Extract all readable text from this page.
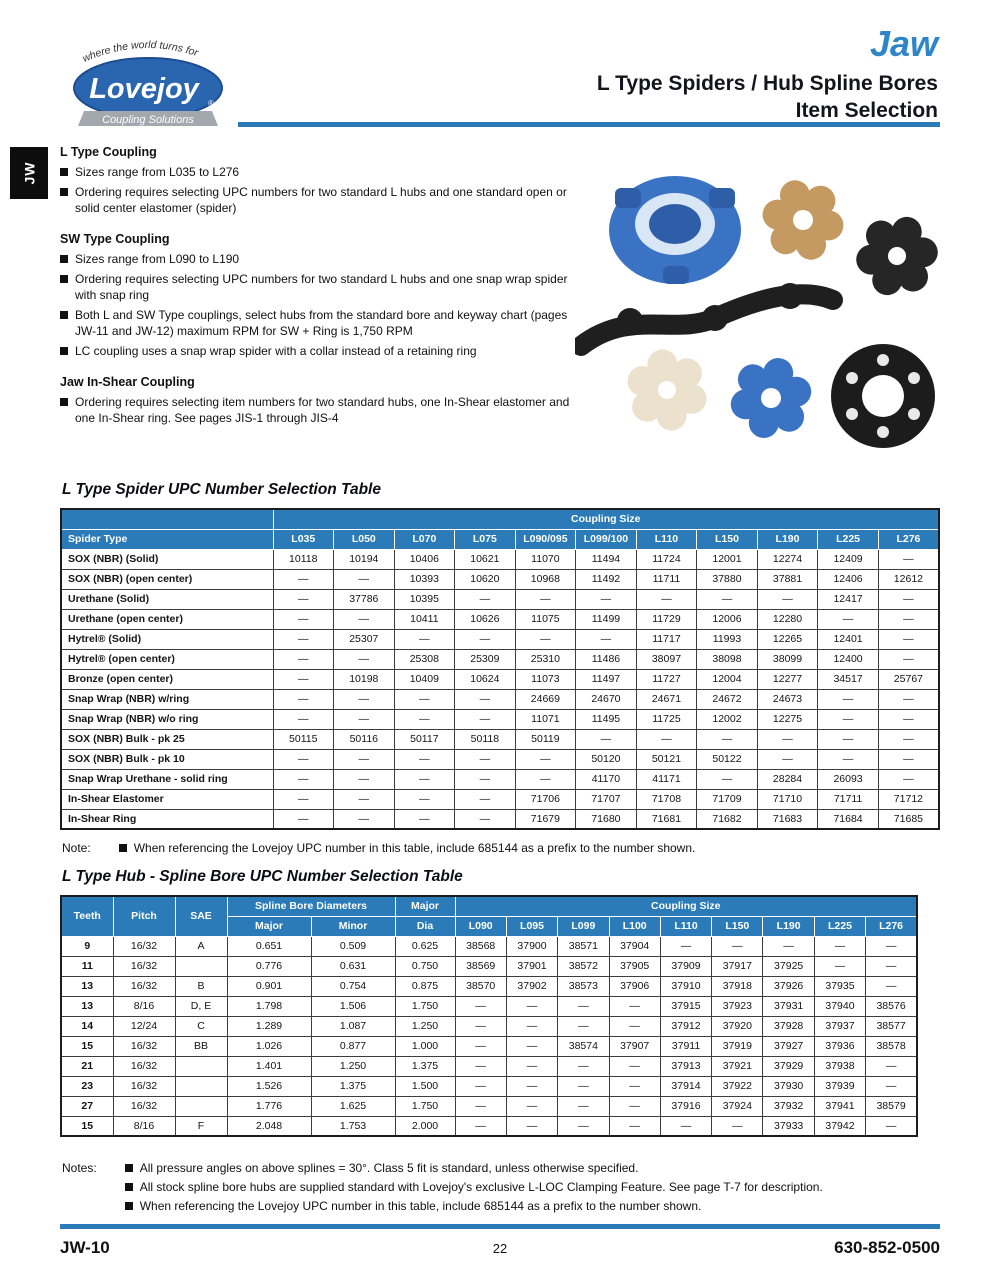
JW
where the world turns for
Lovejoy ®
Coupling Solutions
Jaw
L Type Spiders / Hub Spline Bores
Item Selection
L Type Coupling
Sizes range from L035 to L276
Ordering requires selecting UPC numbers for two standard L hubs and one standard open or solid center elastomer (spider)
SW Type Coupling
Sizes range from L090 to L190
Ordering requires selecting UPC numbers for two standard L hubs and one snap wrap spider with snap ring
Both L and SW Type couplings, select hubs from the standard bore and keyway chart (pages JW-11 and JW-12) maximum RPM for SW + Ring is 1,750 RPM
LC coupling uses a snap wrap spider with a collar instead of a retaining ring
Jaw In-Shear Coupling
Ordering requires selecting item numbers for two standard hubs, one In-Shear elastomer and one In-Shear ring. See pages JIS-1 through JIS-4
L Type Spider UPC Number Selection Table
	Coupling Size										
Spider Type	L035	L050	L070	L075	L090/095	L099/100	L110	L150	L190	L225	L276
SOX (NBR) (Solid)	10118	10194	10406	10621	11070	11494	11724	12001	12274	12409	—
SOX (NBR) (open center)	—	—	10393	10620	10968	11492	11711	37880	37881	12406	12612
Urethane (Solid)	—	37786	10395	—	—	—	—	—	—	12417	—
Urethane (open center)	—	—	10411	10626	11075	11499	11729	12006	12280	—	—
Hytrel® (Solid)	—	25307	—	—	—	—	11717	11993	12265	12401	—
Hytrel® (open center)	—	—	25308	25309	25310	11486	38097	38098	38099	12400	—
Bronze (open center)	—	10198	10409	10624	11073	11497	11727	12004	12277	34517	25767
Snap Wrap (NBR) w/ring	—	—	—	—	24669	24670	24671	24672	24673	—	—
Snap Wrap (NBR) w/o ring	—	—	—	—	11071	11495	11725	12002	12275	—	—
SOX (NBR) Bulk - pk 25	50115	50116	50117	50118	50119	—	—	—	—	—	—
SOX (NBR) Bulk - pk 10	—	—	—	—	—	50120	50121	50122	—	—	—
Snap Wrap Urethane - solid ring	—	—	—	—	—	41170	41171	—	28284	26093	—
In-Shear Elastomer	—	—	—	—	71706	71707	71708	71709	71710	71711	71712
In-Shear Ring	—	—	—	—	71679	71680	71681	71682	71683	71684	71685
Note:	When referencing the Lovejoy UPC number in this table, include 685144 as a prefix to the number shown.
L Type Hub - Spline Bore UPC Number Selection Table
Teeth	Pitch	SAE	Spline Bore Diameters		Major	Coupling Size								
			Major	Minor	Dia	L090	L095	L099	L100	L110	L150	L190	L225	L276
9	16/32	A	0.651	0.509	0.625	38568	37900	38571	37904	—	—	—	—	—
11	16/32		0.776	0.631	0.750	38569	37901	38572	37905	37909	37917	37925	—	—
13	16/32	B	0.901	0.754	0.875	38570	37902	38573	37906	37910	37918	37926	37935	—
13	8/16	D, E	1.798	1.506	1.750	—	—	—	—	37915	37923	37931	37940	38576
14	12/24	C	1.289	1.087	1.250	—	—	—	—	37912	37920	37928	37937	38577
15	16/32	BB	1.026	0.877	1.000	—	—	38574	37907	37911	37919	37927	37936	38578
21	16/32		1.401	1.250	1.375	—	—	—	—	37913	37921	37929	37938	—
23	16/32		1.526	1.375	1.500	—	—	—	—	37914	37922	37930	37939	—
27	16/32		1.776	1.625	1.750	—	—	—	—	37916	37924	37932	37941	38579
15	8/16	F	2.048	1.753	2.000	—	—	—	—	—	—	37933	37942	—
Notes:	All pressure angles on above splines = 30°. Class 5 fit is standard, unless otherwise specified.
All stock spline bore hubs are supplied standard with Lovejoy's exclusive L-LOC Clamping Feature. See page T-7 for description.
When referencing the Lovejoy UPC number in this table, include 685144 as a prefix to the number shown.
JW-10	22	630-852-0500
